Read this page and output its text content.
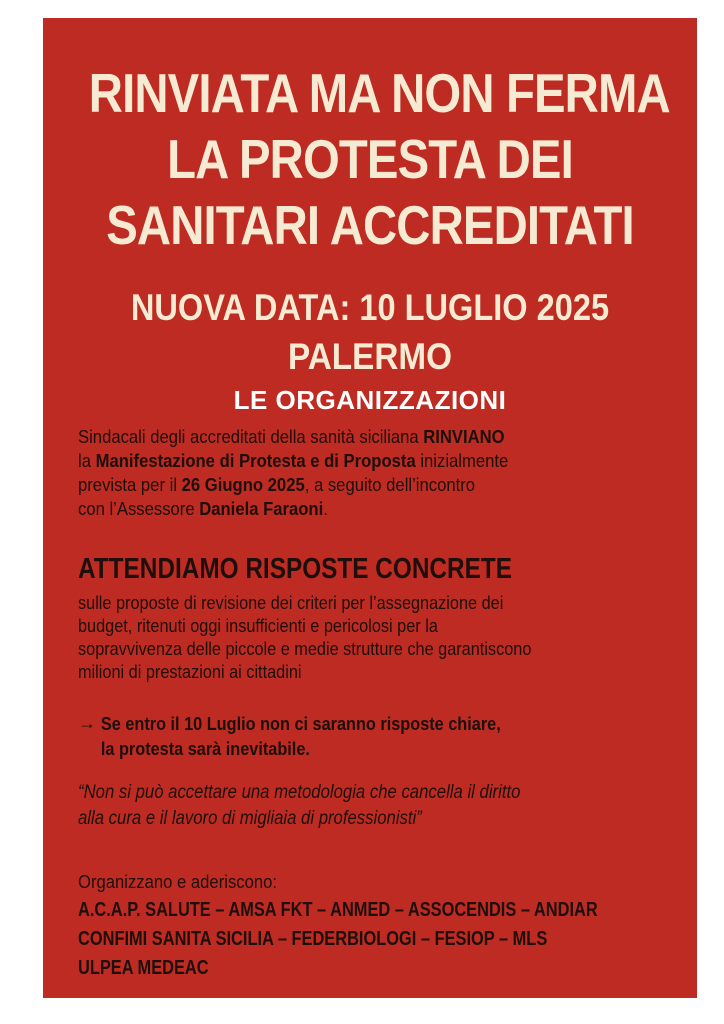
RINVIATA MA NON FERMA
LA PROTESTA DEI
SANITARI ACCREDITATI
NUOVA DATA: 10 LUGLIO 2025
PALERMO
LE ORGANIZZAZIONI
Sindacali degli accreditati della sanità siciliana RINVIANO
la Manifestazione di Protesta e di Proposta inizialmente
prevista per il 26 Giugno 2025, a seguito dell’incontro
con l’Assessore Daniela Faraoni.
ATTENDIAMO RISPOSTE CONCRETE
sulle proposte di revisione dei criteri per l’assegnazione dei
budget, ritenuti oggi insufficienti e pericolosi per la
sopravvivenza delle piccole e medie strutture che garantiscono
milioni di prestazioni ai cittadini
→ Se entro il 10 Luglio non ci saranno risposte chiare,
la protesta sarà inevitabile.
“Non si può accettare una metodologia che cancella il diritto
alla cura e il lavoro di migliaia di professionisti”
Organizzano e aderiscono:
A.C.A.P. SALUTE – AMSA FKT – ANMED – ASSOCENDIS – ANDIAR
CONFIMI SANITA SICILIA – FEDERBIOLOGI – FESIOP – MLS
ULPEA MEDEAC
